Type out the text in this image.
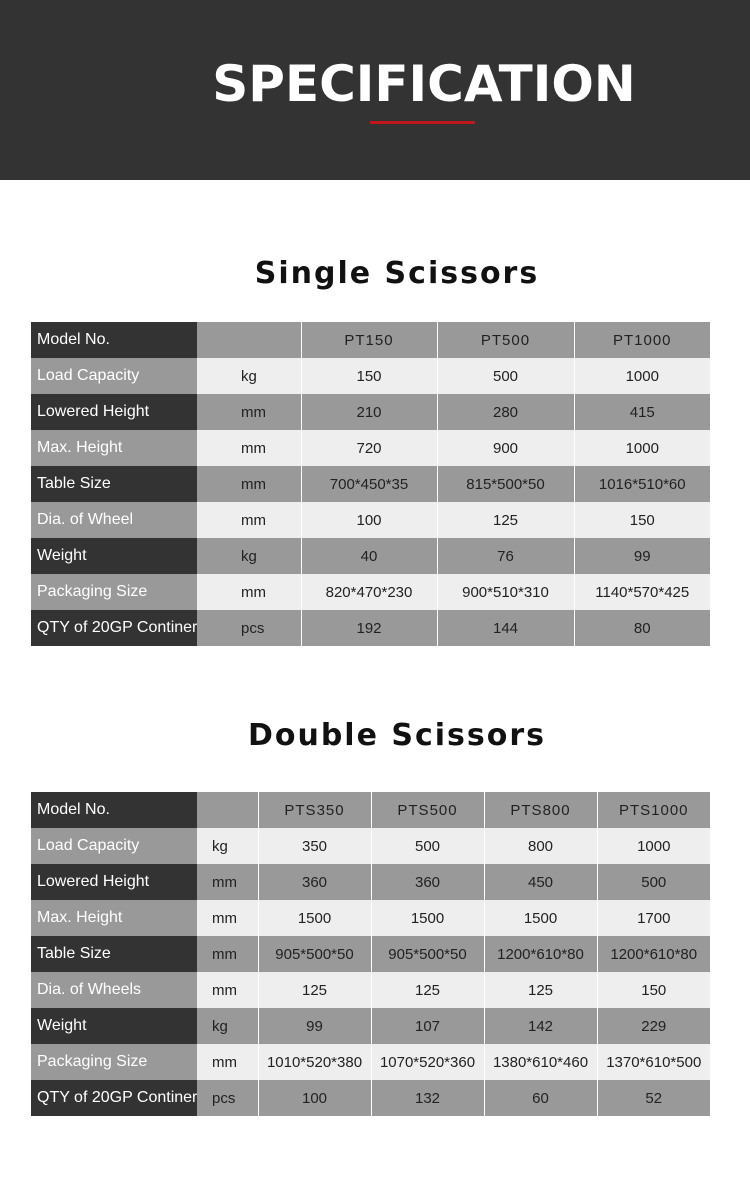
SPECIFICATION
Single Scissors
Model No.		PT150	PT500	PT1000
Load Capacity	kg	150	500	1000
Lowered Height	mm	210	280	415
Max. Height	mm	720	900	1000
Table Size	mm	700*450*35	815*500*50	1016*510*60
Dia. of Wheel	mm	100	125	150
Weight	kg	40	76	99
Packaging Size	mm	820*470*230	900*510*310	1140*570*425
QTY of 20GP Continer	pcs	192	144	80
Double Scissors
Model No.		PTS350	PTS500	PTS800	PTS1000
Load Capacity	kg	350	500	800	1000
Lowered Height	mm	360	360	450	500
Max. Height	mm	1500	1500	1500	1700
Table Size	mm	905*500*50	905*500*50	1200*610*80	1200*610*80
Dia. of Wheels	mm	125	125	125	150
Weight	kg	99	107	142	229
Packaging Size	mm	1010*520*380	1070*520*360	1380*610*460	1370*610*500
QTY of 20GP Continer	pcs	100	132	60	52
